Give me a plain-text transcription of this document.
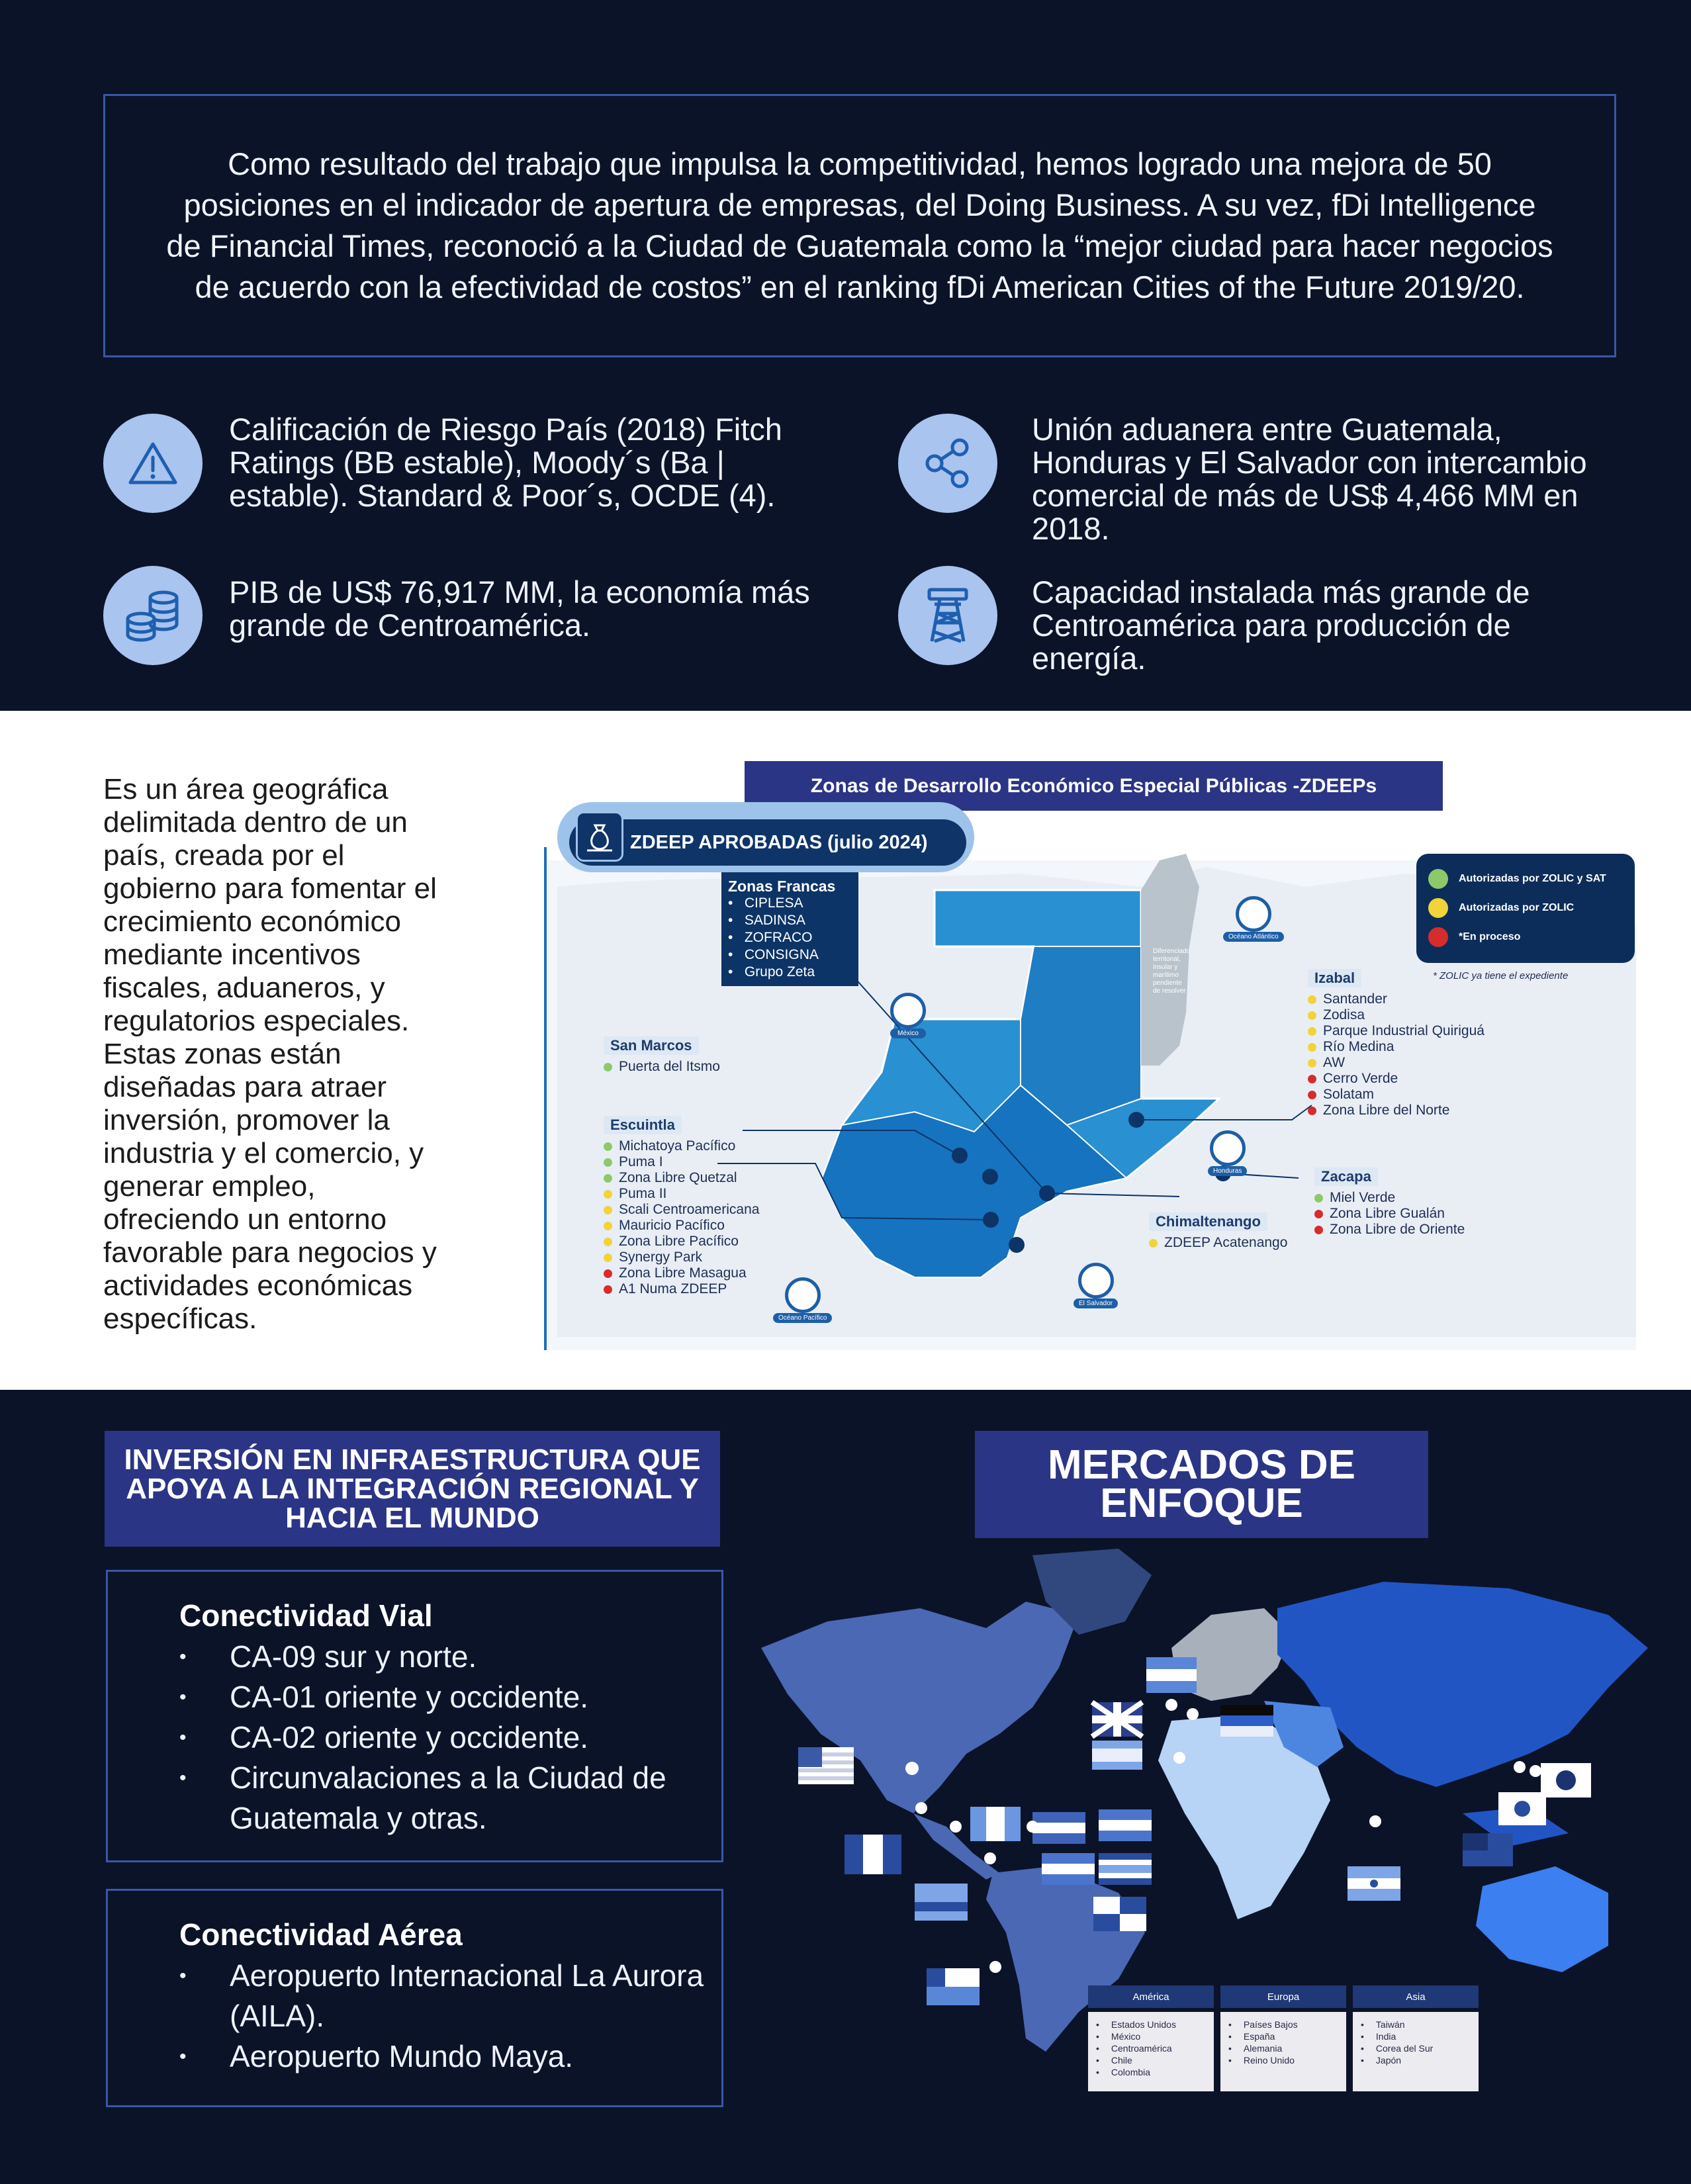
Como resultado del trabajo que impulsa la competitividad, hemos logrado una mejora de 50 posiciones en el indicador de apertura de empresas, del Doing Business. A su vez, fDi Intelligence de Financial Times, reconoció a la Ciudad de Guatemala como la “mejor ciudad para hacer negocios de acuerdo con la efectividad de costos” en el ranking fDi American Cities of the Future 2019/20.
Calificación de Riesgo País (2018) Fitch Ratings (BB estable), Moody´s (Ba | estable). Standard & Poor´s, OCDE (4).
Unión aduanera entre Guatemala, Honduras y El Salvador con intercambio comercial de más de US$ 4,466 MM en 2018.
PIB de US$ 76,917 MM, la economía más grande de Centroamérica.
Capacidad instalada más grande de Centroamérica para producción de energía.
Es un área geográfica delimitada dentro de un país, creada por el gobierno para fomentar el crecimiento económico mediante incentivos fiscales, aduaneros, y regulatorios especiales. Estas zonas están diseñadas para atraer inversión, promover la industria y el comercio, y generar empleo, ofreciendo un entorno favorable para negocios y actividades económicas específicas.
Diferenciado territorial, insular y marítimo pendiente de resolver
México
Océano Atlántico
Honduras
El Salvador
Océano Pacífico
Zonas de Desarrollo Económico Especial Públicas -ZDEEPs
ZDEEP APROBADAS (julio 2024)
Zonas Francas
•   CIPLESA
•   SADINSA
•   ZOFRACO
•   CONSIGNA
•   Grupo Zeta
Autorizadas por ZOLIC y SAT
Autorizadas por ZOLIC
*En proceso
* ZOLIC ya tiene el expediente
San Marcos
Puerta del Itsmo
Escuintla
Michatoya Pacífico
Puma I
Zona Libre Quetzal
Puma II
Scali Centroamericana
Mauricio Pacífico
Zona Libre Pacífico
Synergy Park
Zona Libre Masagua
A1 Numa ZDEEP
Izabal
Santander
Zodisa
Parque Industrial Quiriguá
Río Medina
AW
Cerro Verde
Solatam
Zona Libre del Norte
Zacapa
Miel Verde
Zona Libre Gualán
Zona Libre de Oriente
Chimaltenango
ZDEEP Acatenango
INVERSIÓN EN INFRAESTRUCTURA QUE APOYA A LA INTEGRACIÓN REGIONAL Y HACIA EL MUNDO
Conectividad Vial
• CA-09 sur y norte.
• CA-01 oriente y occidente.
• CA-02 oriente y occidente.
• Circunvalaciones a la Ciudad de Guatemala y otras.
Conectividad Aérea
• Aeropuerto Internacional La Aurora (AILA).
• Aeropuerto Mundo Maya.
MERCADOS DE ENFOQUE
América
• Estados Unidos
• México
• Centroamérica
• Chile
• Colombia
Europa
• Países Bajos
• España
• Alemania
• Reino Unido
Asia
• Taiwán
• India
• Corea del Sur
• Japón
